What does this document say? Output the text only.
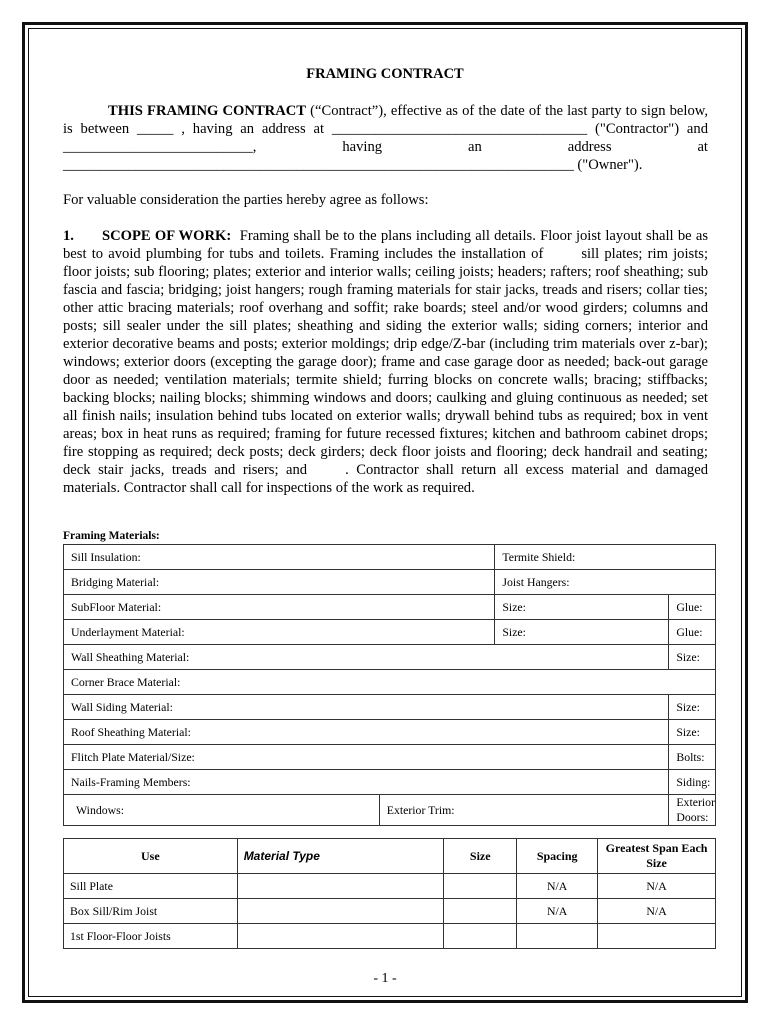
FRAMING CONTRACT
THIS FRAMING CONTRACT (“Contract”), effective as of the date of the last party to sign below, is between _____ , having an address at ___________________________________ ("Contractor") and __________________________, having an address at ______________________________________________________________________ ("Owner").
For valuable consideration the parties hereby agree as follows:
1. SCOPE OF WORK: Framing shall be to the plans including all details. Floor joist layout shall be as best to avoid plumbing for tubs and toilets. Framing includes the installation of	sill plates; rim joists; floor joists; sub flooring; plates; exterior and interior walls; ceiling joists; headers; rafters; roof sheathing; sub fascia and fascia; bridging; joist hangers; rough framing materials for stair jacks, treads and risers; collar ties; other attic bracing materials; roof overhang and soffit; rake boards; steel and/or wood girders; columns and posts; sill sealer under the sill plates; sheathing and siding the exterior walls; siding corners; interior and exterior decorative beams and posts; exterior moldings; drip edge/Z-bar (including trim materials over z-bar); windows; exterior doors (excepting the garage door); frame and case garage door as needed; back-out garage door as needed; ventilation materials; termite shield; furring blocks on concrete walls; bracing; stiffbacks; backing blocks; nailing blocks; shimming windows and doors; caulking and gluing continuous as needed; set all finish nails; insulation behind tubs located on exterior walls; drywall behind tubs as required; box in vent areas; box in heat runs as required; framing for future recessed fixtures; kitchen and bathroom cabinet drops; fire stopping as required; deck posts; deck girders; deck floor joists and flooring; deck handrail and seating; deck stair jacks, treads and risers; and	. Contractor shall return all excess material and damaged materials. Contractor shall call for inspections of the work as required.
Framing Materials:
Sill Insulation:		Termite Shield:	
Bridging Material:		Joist Hangers:	
SubFloor Material:		Size:	Glue:
Underlayment Material:		Size:	Glue:
Wall Sheathing Material:			Size:
Corner Brace Material:			
Wall Siding Material:			Size:
Roof Sheathing Material:			Size:
Flitch Plate Material/Size:			Bolts:
Nails-Framing Members:			Siding:
Windows:	Exterior Trim:		Exterior Doors:
Use	Material Type	Size	Spacing	Greatest Span Each Size
Sill Plate			N/A	N/A
Box Sill/Rim Joist			N/A	N/A
1st Floor-Floor Joists				
- 1 -
